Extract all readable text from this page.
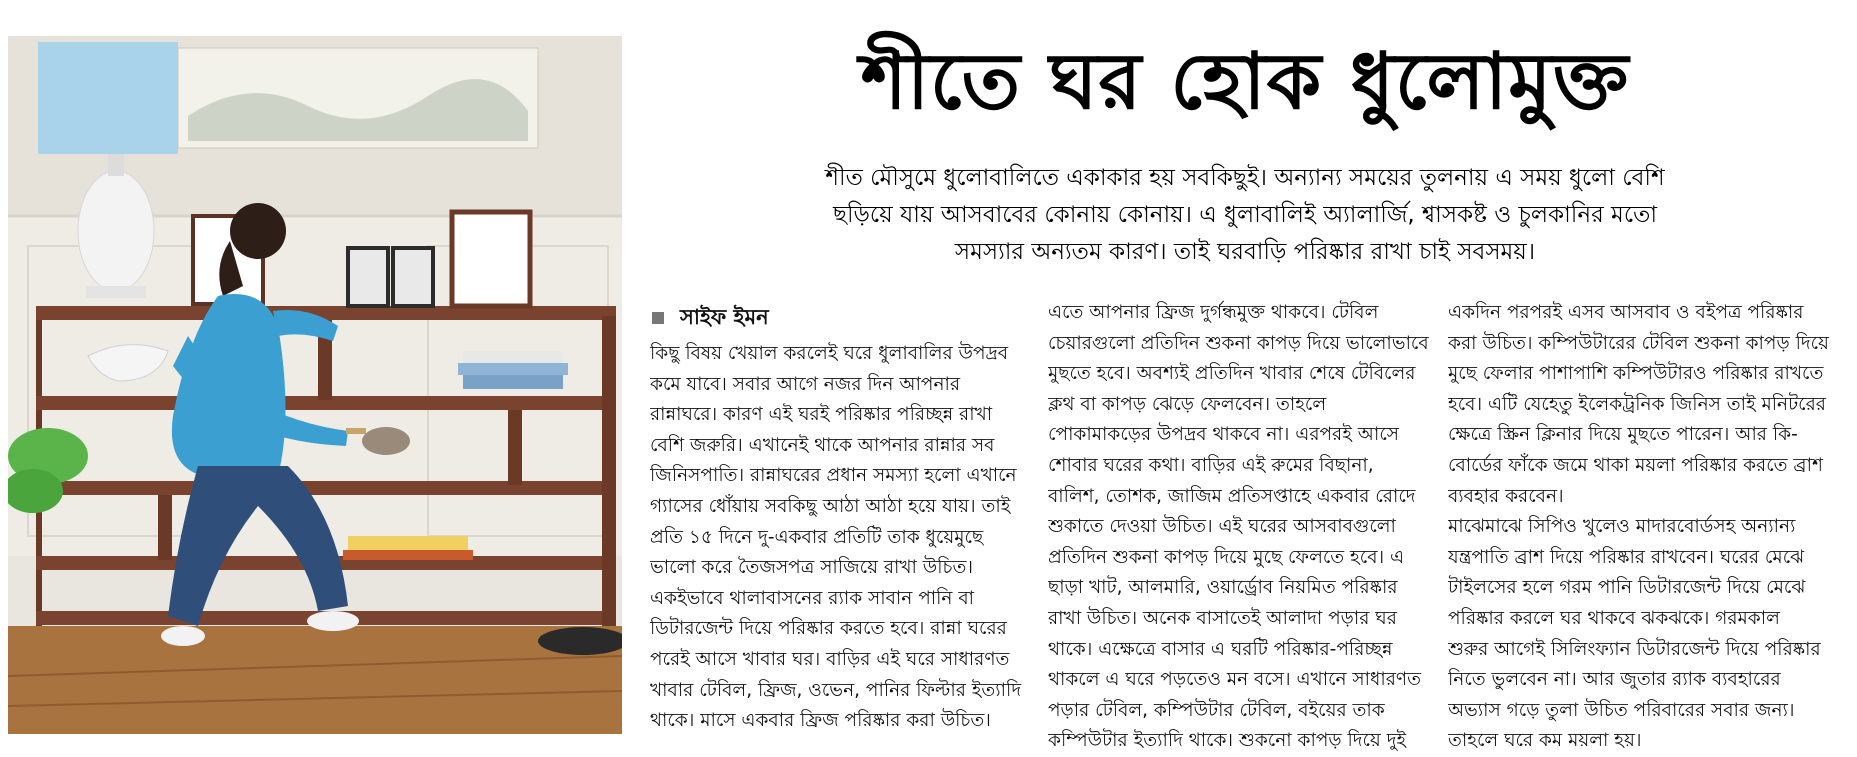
শীতে ঘর হোক ধুলোমুক্ত
শীত মৌসুমে ধুলোবালিতে একাকার হয় সবকিছুই। অন্যান্য সময়ের তুলনায় এ সময় ধুলো বেশি
ছড়িয়ে যায় আসবাবের কোনায় কোনায়। এ ধুলাবালিই অ্যালার্জি, শ্বাসকষ্ট ও চুলকানির মতো
সমস্যার অন্যতম কারণ। তাই ঘরবাড়ি পরিষ্কার রাখা চাই সবসময়।
সাইফ ইমন
কিছু বিষয় খেয়াল করলেই ঘরে ধুলাবালির উপদ্রব
কমে যাবে। সবার আগে নজর দিন আপনার
রান্নাঘরে। কারণ এই ঘরই পরিষ্কার পরিচ্ছন্ন রাখা
বেশি জরুরি। এখানেই থাকে আপনার রান্নার সব
জিনিসপাতি। রান্নাঘরের প্রধান সমস্যা হলো এখানে
গ্যাসের ধোঁয়ায় সবকিছু আঠা আঠা হয়ে যায়। তাই
প্রতি ১৫ দিনে দু-একবার প্রতিটি তাক ধুয়েমুছে
ভালো করে তৈজসপত্র সাজিয়ে রাখা উচিত।
একইভাবে থালাবাসনের র‍্যাক সাবান পানি বা
ডিটারজেন্ট দিয়ে পরিষ্কার করতে হবে। রান্না ঘরের
পরেই আসে খাবার ঘর। বাড়ির এই ঘরে সাধারণত
খাবার টেবিল, ফ্রিজ, ওভেন, পানির ফিল্টার ইত্যাদি
থাকে। মাসে একবার ফ্রিজ পরিষ্কার করা উচিত।
এতে আপনার ফ্রিজ দুর্গন্ধমুক্ত থাকবে। টেবিল
চেয়ারগুলো প্রতিদিন শুকনা কাপড় দিয়ে ভালোভাবে
মুছতে হবে। অবশ্যই প্রতিদিন খাবার শেষে টেবিলের
ক্লথ বা কাপড় ঝেড়ে ফেলবেন। তাহলে
পোকামাকড়ের উপদ্রব থাকবে না। এরপরই আসে
শোবার ঘরের কথা। বাড়ির এই রুমের বিছানা,
বালিশ, তোশক, জাজিম প্রতিসপ্তাহে একবার রোদে
শুকাতে দেওয়া উচিত। এই ঘরের আসবাবগুলো
প্রতিদিন শুকনা কাপড় দিয়ে মুছে ফেলতে হবে। এ
ছাড়া খাট, আলমারি, ওয়ার্ড্রোব নিয়মিত পরিষ্কার
রাখা উচিত। অনেক বাসাতেই আলাদা পড়ার ঘর
থাকে। এক্ষেত্রে বাসার এ ঘরটি পরিষ্কার-পরিচ্ছন্ন
থাকলে এ ঘরে পড়তেও মন বসে। এখানে সাধারণত
পড়ার টেবিল, কম্পিউটার টেবিল, বইয়ের তাক
কম্পিউটার ইত্যাদি থাকে। শুকনো কাপড় দিয়ে দুই
একদিন পরপরই এসব আসবাব ও বইপত্র পরিষ্কার
করা উচিত। কম্পিউটারের টেবিল শুকনা কাপড় দিয়ে
মুছে ফেলার পাশাপাশি কম্পিউটারও পরিষ্কার রাখতে
হবে। এটি যেহেতু ইলেকট্রনিক জিনিস তাই মনিটরের
ক্ষেত্রে স্ক্রিন ক্লিনার দিয়ে মুছতে পারেন। আর কি-
বোর্ডের ফাঁকে জমে থাকা ময়লা পরিষ্কার করতে ব্রাশ
ব্যবহার করবেন।
মাঝেমাঝে সিপিও খুলেও মাদারবোর্ডসহ অন্যান্য
যন্ত্রপাতি ব্রাশ দিয়ে পরিষ্কার রাখবেন। ঘরের মেঝে
টাইলসের হলে গরম পানি ডিটারজেন্ট দিয়ে মেঝে
পরিষ্কার করলে ঘর থাকবে ঝকঝকে। গরমকাল
শুরুর আগেই সিলিংফ্যান ডিটারজেন্ট দিয়ে পরিষ্কার
নিতে ভুলবেন না। আর জুতার র‍্যাক ব্যবহারের
অভ্যাস গড়ে তুলা উচিত পরিবারের সবার জন্য।
তাহলে ঘরে কম ময়লা হয়।
